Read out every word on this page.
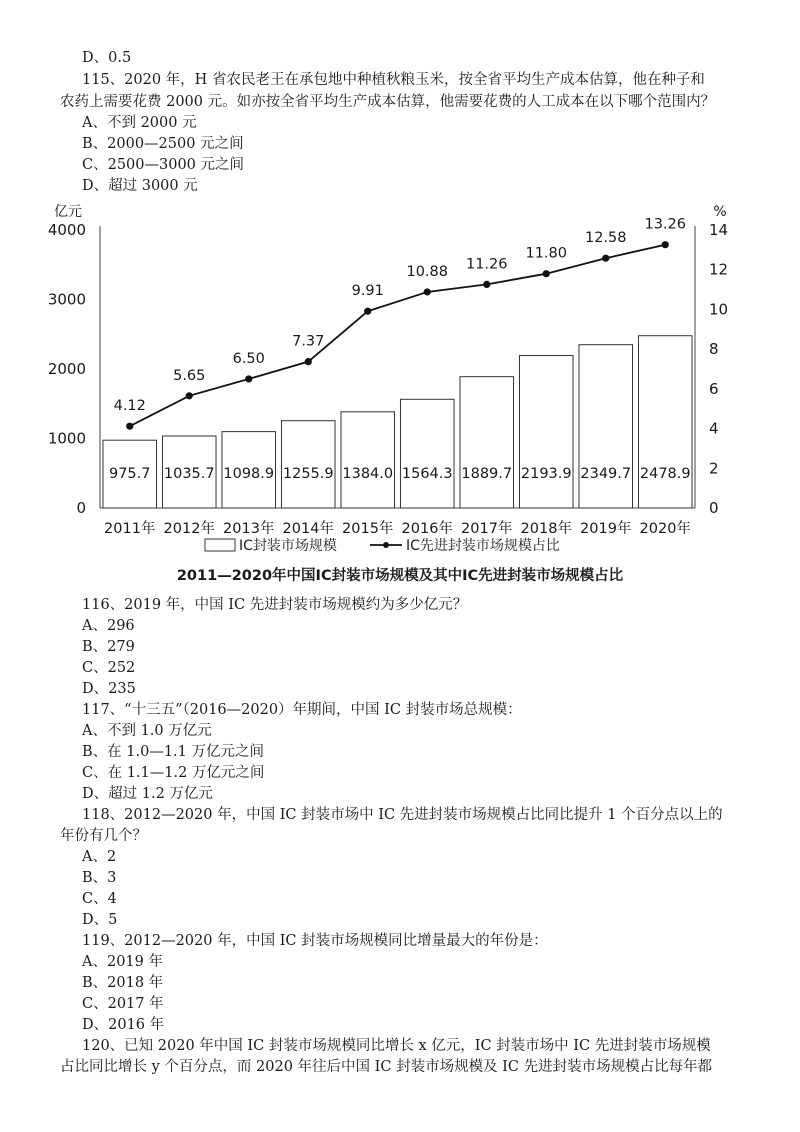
D、0.5
115、2020 年，H 省农民老王在承包地中种植秋粮玉米，按全省平均生产成本估算，他在种子和
农药上需要花费 2000 元。如亦按全省平均生产成本估算，他需要花费的人工成本在以下哪个范围内？
A、不到 2000 元
B、2000—2500 元之间
C、2500—3000 元之间
D、超过 3000 元
0
1000
2000
3000
4000
亿元
0
2
4
6
8
10
12
14
%
975.7 1035.7 1098.9 1255.9 1384.0 1564.3 1889.7 2193.9 2349.7 2478.9
4.12
5.65
6.50
7.37
9.91
10.88 11.26
11.80
12.58
13.26
2011年 2012年 2013年 2014年 2015年 2016年 2017年 2018年 2019年 2020年
IC封装市场规模	IC先进封装市场规模占比
2011—2020年中国IC封装市场规模及其中IC先进封装市场规模占比
116、2019 年，中国 IC 先进封装市场规模约为多少亿元？
A、296
B、279
C、252
D、235
117、“十三五”（2016—2020）年期间，中国 IC 封装市场总规模：
A、不到 1.0 万亿元
B、在 1.0—1.1 万亿元之间
C、在 1.1—1.2 万亿元之间
D、超过 1.2 万亿元
118、2012—2020 年，中国 IC 封装市场中 IC 先进封装市场规模占比同比提升 1 个百分点以上的
年份有几个？
A、2
B、3
C、4
D、5
119、2012—2020 年，中国 IC 封装市场规模同比增量最大的年份是：
A、2019 年
B、2018 年
C、2017 年
D、2016 年
120、已知 2020 年中国 IC 封装市场规模同比增长 x 亿元，IC 封装市场中 IC 先进封装市场规模
占比同比增长 y 个百分点，而 2020 年往后中国 IC 封装市场规模及 IC 先进封装市场规模占比每年都
